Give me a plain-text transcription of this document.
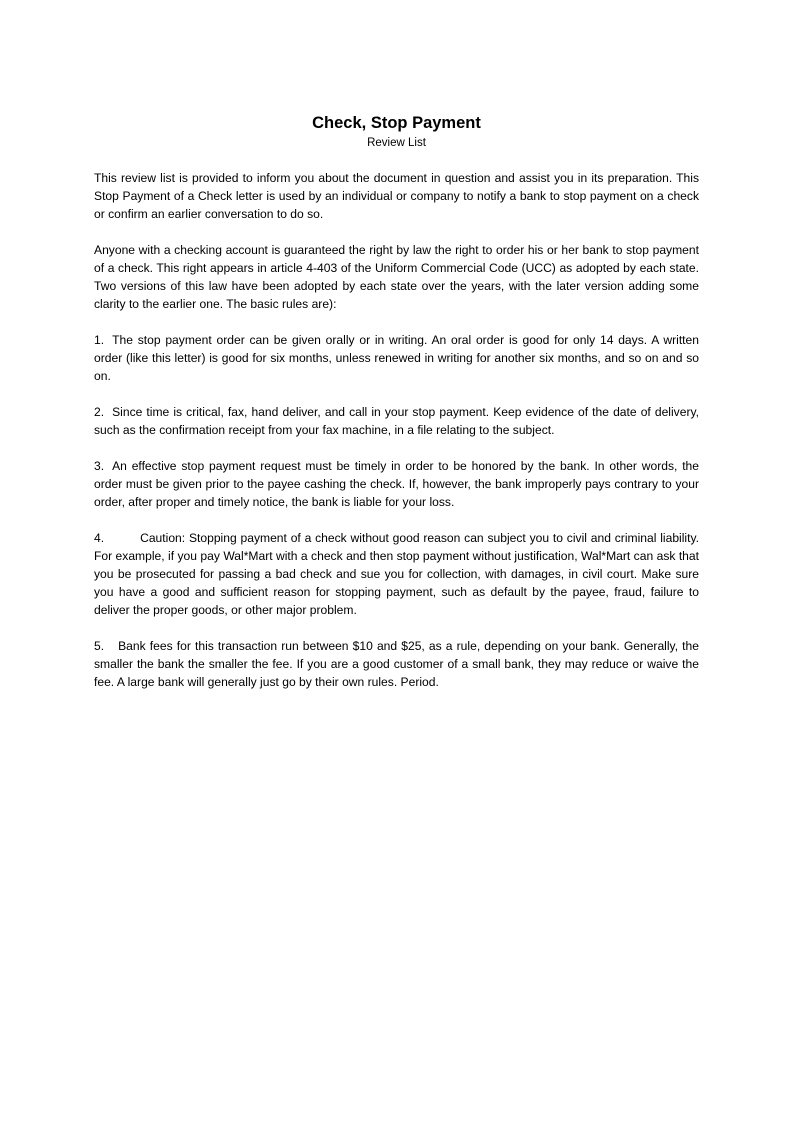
Check, Stop Payment
Review List

This review list is provided to inform you about the document in question and assist you in its preparation. This Stop Payment of a Check letter is used by an individual or company to notify a bank to stop payment on a check or confirm an earlier conversation to do so.

Anyone with a checking account is guaranteed the right by law the right to order his or her bank to stop payment of a check. This right appears in article 4-403 of the Uniform Commercial Code (UCC) as adopted by each state. Two versions of this law have been adopted by each state over the years, with the later version adding some clarity to the earlier one. The basic rules are):

1. The stop payment order can be given orally or in writing. An oral order is good for only 14 days. A written order (like this letter) is good for six months, unless renewed in writing for another six months, and so on and so on.

2. Since time is critical, fax, hand deliver, and call in your stop payment. Keep evidence of the date of delivery, such as the confirmation receipt from your fax machine, in a file relating to the subject.

3. An effective stop payment request must be timely in order to be honored by the bank. In other words, the order must be given prior to the payee cashing the check. If, however, the bank improperly pays contrary to your order, after proper and timely notice, the bank is liable for your loss.

4.	Caution: Stopping payment of a check without good reason can subject you to civil and criminal liability. For example, if you pay Wal*Mart with a check and then stop payment without justification, Wal*Mart can ask that you be prosecuted for passing a bad check and sue you for collection, with damages, in civil court. Make sure you have a good and sufficient reason for stopping payment, such as default by the payee, fraud, failure to deliver the proper goods, or other major problem.

5. Bank fees for this transaction run between $10 and $25, as a rule, depending on your bank. Generally, the smaller the bank the smaller the fee. If you are a good customer of a small bank, they may reduce or waive the fee. A large bank will generally just go by their own rules. Period.
